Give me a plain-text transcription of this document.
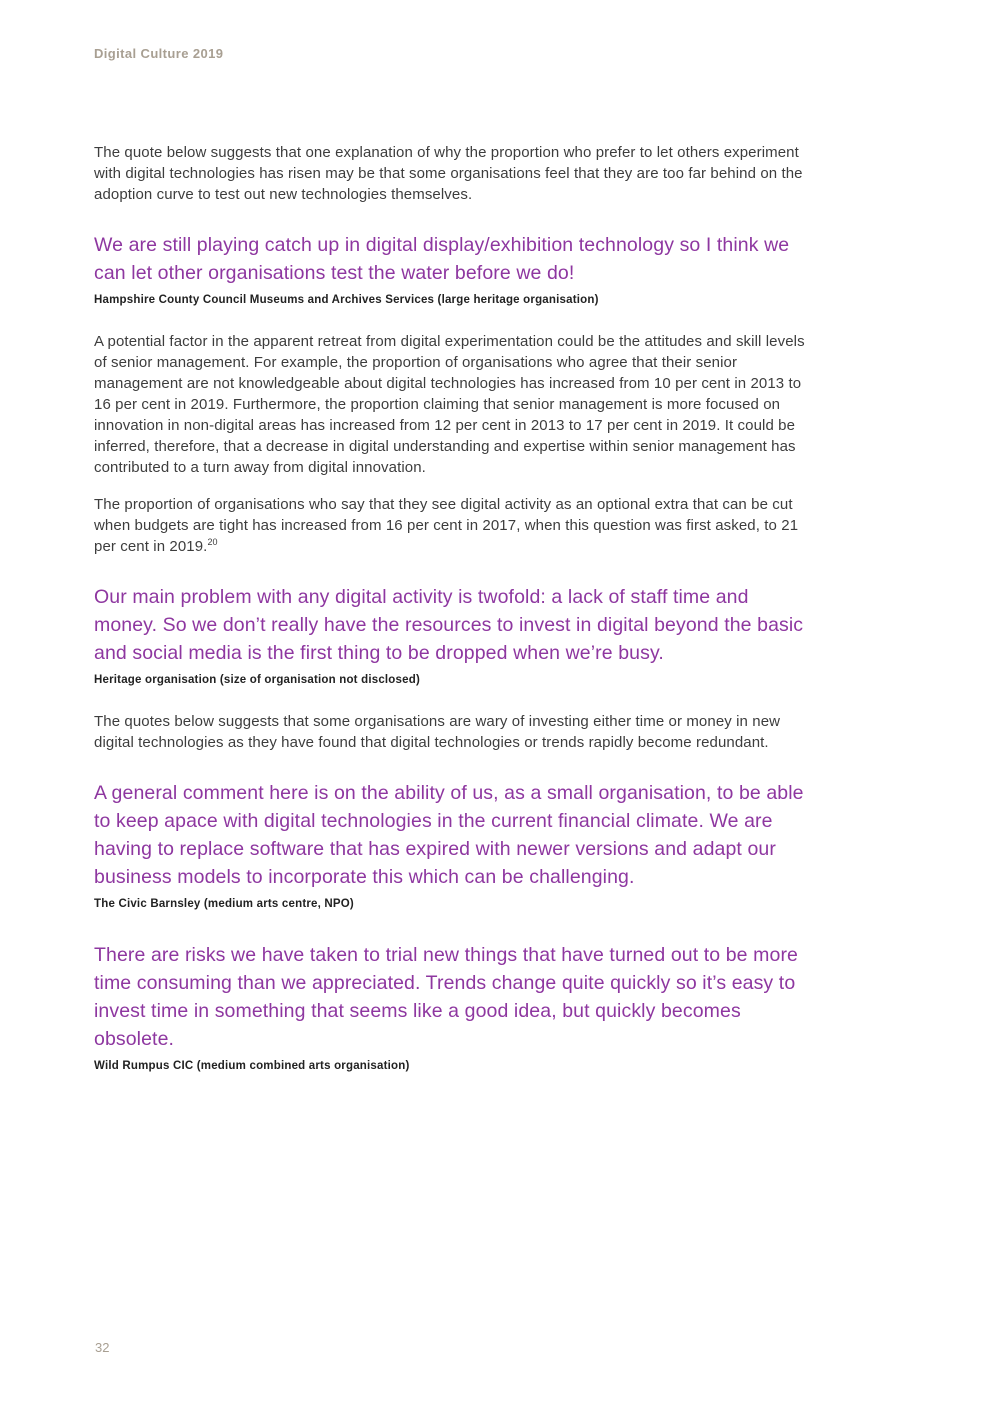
Digital Culture 2019

The quote below suggests that one explanation of why the proportion who prefer to let others experiment with digital technologies has risen may be that some organisations feel that they are too far behind on the adoption curve to test out new technologies themselves.

We are still playing catch up in digital display/exhibition technology so I think we can let other organisations test the water before we do!
Hampshire County Council Museums and Archives Services (large heritage organisation)

A potential factor in the apparent retreat from digital experimentation could be the attitudes and skill levels of senior management. For example, the proportion of organisations who agree that their senior management are not knowledgeable about digital technologies has increased from 10 per cent in 2013 to 16 per cent in 2019. Furthermore, the proportion claiming that senior management is more focused on innovation in non-digital areas has increased from 12 per cent in 2013 to 17 per cent in 2019. It could be inferred, therefore, that a decrease in digital understanding and expertise within senior management has contributed to a turn away from digital innovation.

The proportion of organisations who say that they see digital activity as an optional extra that can be cut when budgets are tight has increased from 16 per cent in 2017, when this question was first asked, to 21 per cent in 2019.20

Our main problem with any digital activity is twofold: a lack of staff time and money. So we don’t really have the resources to invest in digital beyond the basic and social media is the first thing to be dropped when we’re busy.
Heritage organisation (size of organisation not disclosed)

The quotes below suggests that some organisations are wary of investing either time or money in new digital technologies as they have found that digital technologies or trends rapidly become redundant.

A general comment here is on the ability of us, as a small organisation, to be able to keep apace with digital technologies in the current financial climate. We are having to replace software that has expired with newer versions and adapt our business models to incorporate this which can be challenging.
The Civic Barnsley (medium arts centre, NPO)
There are risks we have taken to trial new things that have turned out to be more time consuming than we appreciated. Trends change quite quickly so it’s easy to invest time in something that seems like a good idea, but quickly becomes obsolete.
Wild Rumpus CIC (medium combined arts organisation)
32
